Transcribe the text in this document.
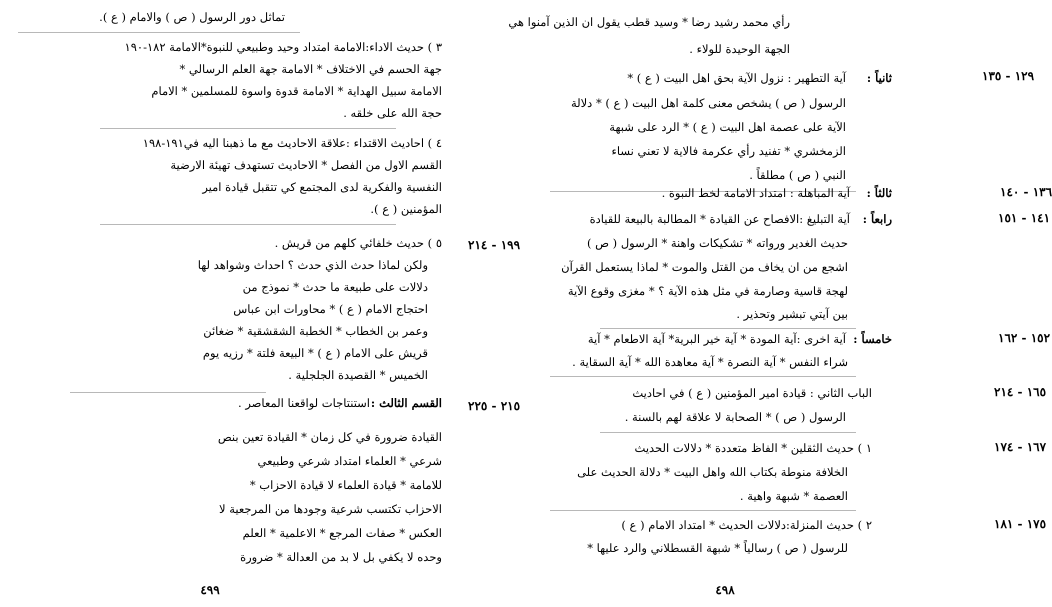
تماثل دور الرسول ( ص ) والامام ( ع ).
٣ ) حديث الاداء:الامامة امتداد وحيد وطبيعي للنبوة*الامامة ١٨٢-١٩٠
جهة الحسم في الاختلاف * الامامة جهة العلم الرسالي *
الامامة سبيل الهداية * الامامة قدوة واسوة للمسلمين * الامام
حجة الله على خلقه .
٤ ) احاديث الاقتداء :علاقة الاحاديث مع ما ذهبنا اليه في١٩١-١٩٨
القسم الاول من الفصل * الاحاديث تستهدف تهيئة الارضية
النفسية والفكرية لدى المجتمع كي تتقبل قيادة امير
المؤمنين ( ع ).
١٩٩ - ٢١٤
٥ ) حديث خلفائي كلهم من قريش .
ولكن لماذا حدث الذي حدث ؟ احداث وشواهد لها
دلالات على طبيعة ما حدث * نموذج من
احتجاج الامام ( ع ) * محاورات ابن عباس
وعمر بن الخطاب * الخطبة الشقشقية * ضغائن
قريش على الامام ( ع ) * البيعة فلتة * رزيه يوم
الخميس * القصيدة الجلجلية .
٢١٥ - ٢٢٥
القسم الثالث :
استنتاجات لواقعنا المعاصر .
القيادة ضرورة في كل زمان * القيادة تعين بنص
شرعي * العلماء امتداد شرعي وطبيعي
للامامة * قيادة العلماء لا قيادة الاحزاب *
الاحزاب تكتسب شرعية وجودها من المرجعية لا
العكس * صفات المرجع * الاعلمية * العلم
وحده لا يكفي بل لا بد من العدالة * ضرورة
٤٩٩
رأي محمد رشيد رضا * وسيد قطب يقول ان الذين آمنوا هي
الجهة الوحيدة للولاء .
١٢٩ - ١٣٥
ثانياً :
آية التطهير : نزول الآية بحق اهل البيت ( ع ) *
الرسول ( ص ) يشخص معنى كلمة اهل البيت ( ع ) * دلالة
الآية على عصمة اهل البيت ( ع ) * الرد على شبهة
الزمخشري * تفنيد رأي عكرمة فالاية لا تعني نساء
النبي ( ص ) مطلقاً .
١٣٦ - ١٤٠
ثالثاً :
آية المباهلة : امتداد الامامة لخط النبوة .
١٤١ - ١٥١
رابعاً :
آية التبليغ :الافصاح عن القيادة * المطالبة بالبيعة للقيادة
حديث الغدير ورواته * تشكيكات واهنة * الرسول ( ص )
اشجع من ان يخاف من القتل والموت * لماذا يستعمل القرآن
لهجة قاسية وصارمة في مثل هذه الآية ؟ * مغزى وقوع الآية
بين آيتي تبشير وتحذير .
١٥٢ - ١٦٢
خامساً :
آية اخرى :آية المودة * آية خير البرية* آية الاطعام * آية
شراء النفس * آية النصرة * آية معاهدة الله * آية السقاية .
١٦٥ - ٢١٤
الباب الثاني : قيادة امير المؤمنين ( ع ) في احاديث
الرسول ( ص ) * الصحابة لا علاقة لهم بالسنة .
١٦٧ - ١٧٤
١ ) حديث الثقلين * الفاظ متعددة * دلالات الحديث
الخلافة منوطة بكتاب الله واهل البيت * دلالة الحديث على
العصمة * شبهة واهية .
١٧٥ - ١٨١
٢ ) حديث المنزلة:دلالات الحديث * امتداد الامام ( ع )
للرسول ( ص ) رسالياً * شبهة القسطلاني والرد عليها *
٤٩٨
